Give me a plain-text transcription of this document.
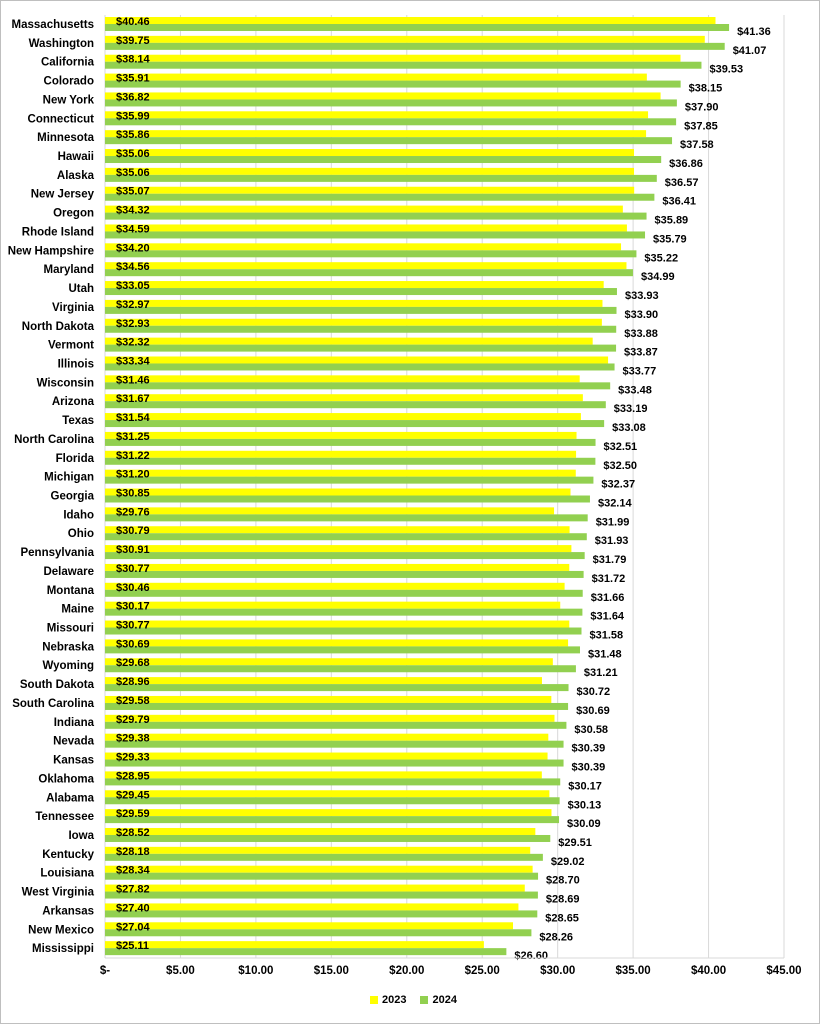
$-	$5.00	$10.00	$15.00	$20.00	$25.00	$30.00	$35.00	$40.00	$45.00
Massachusetts $40.46
$41.36
Washington $39.75
$41.07
California $38.14
$39.53
Colorado $35.91
$38.15
New York $36.82
$37.90
Connecticut $35.99
$37.85
Minnesota $35.86
$37.58
Hawaii $35.06
$36.86
Alaska $35.06
$36.57
New Jersey $35.07
$36.41
Oregon $34.32
$35.89
Rhode Island $34.59
$35.79
New Hampshire $34.20
$35.22
Maryland $34.56
$34.99
Utah $33.05
$33.93
Virginia $32.97
$33.90
North Dakota $32.93
$33.88
Vermont $32.32
$33.87
Illinois $33.34
$33.77
Wisconsin $31.46
$33.48
Arizona $31.67
$33.19
Texas $31.54
$33.08
North Carolina $31.25
$32.51
Florida $31.22
$32.50
Michigan $31.20
$32.37
Georgia $30.85
$32.14
Idaho $29.76
$31.99
Ohio $30.79
$31.93
Pennsylvania $30.91
$31.79
Delaware $30.77
$31.72
Montana $30.46
$31.66
Maine $30.17
$31.64
Missouri $30.77
$31.58
Nebraska $30.69
$31.48
Wyoming $29.68
$31.21
South Dakota $28.96
$30.72
South Carolina $29.58
$30.69
Indiana $29.79
$30.58
Nevada $29.38
$30.39
Kansas $29.33
$30.39
Oklahoma $28.95
$30.17
Alabama $29.45
$30.13
Tennessee $29.59
$30.09
Iowa $28.52
$29.51
Kentucky $28.18
$29.02
Louisiana $28.34
$28.70
West Virginia $27.82
$28.69
Arkansas $27.40
$28.65
New Mexico $27.04
$28.26
Mississippi $25.11
$26.60
2023 2024
